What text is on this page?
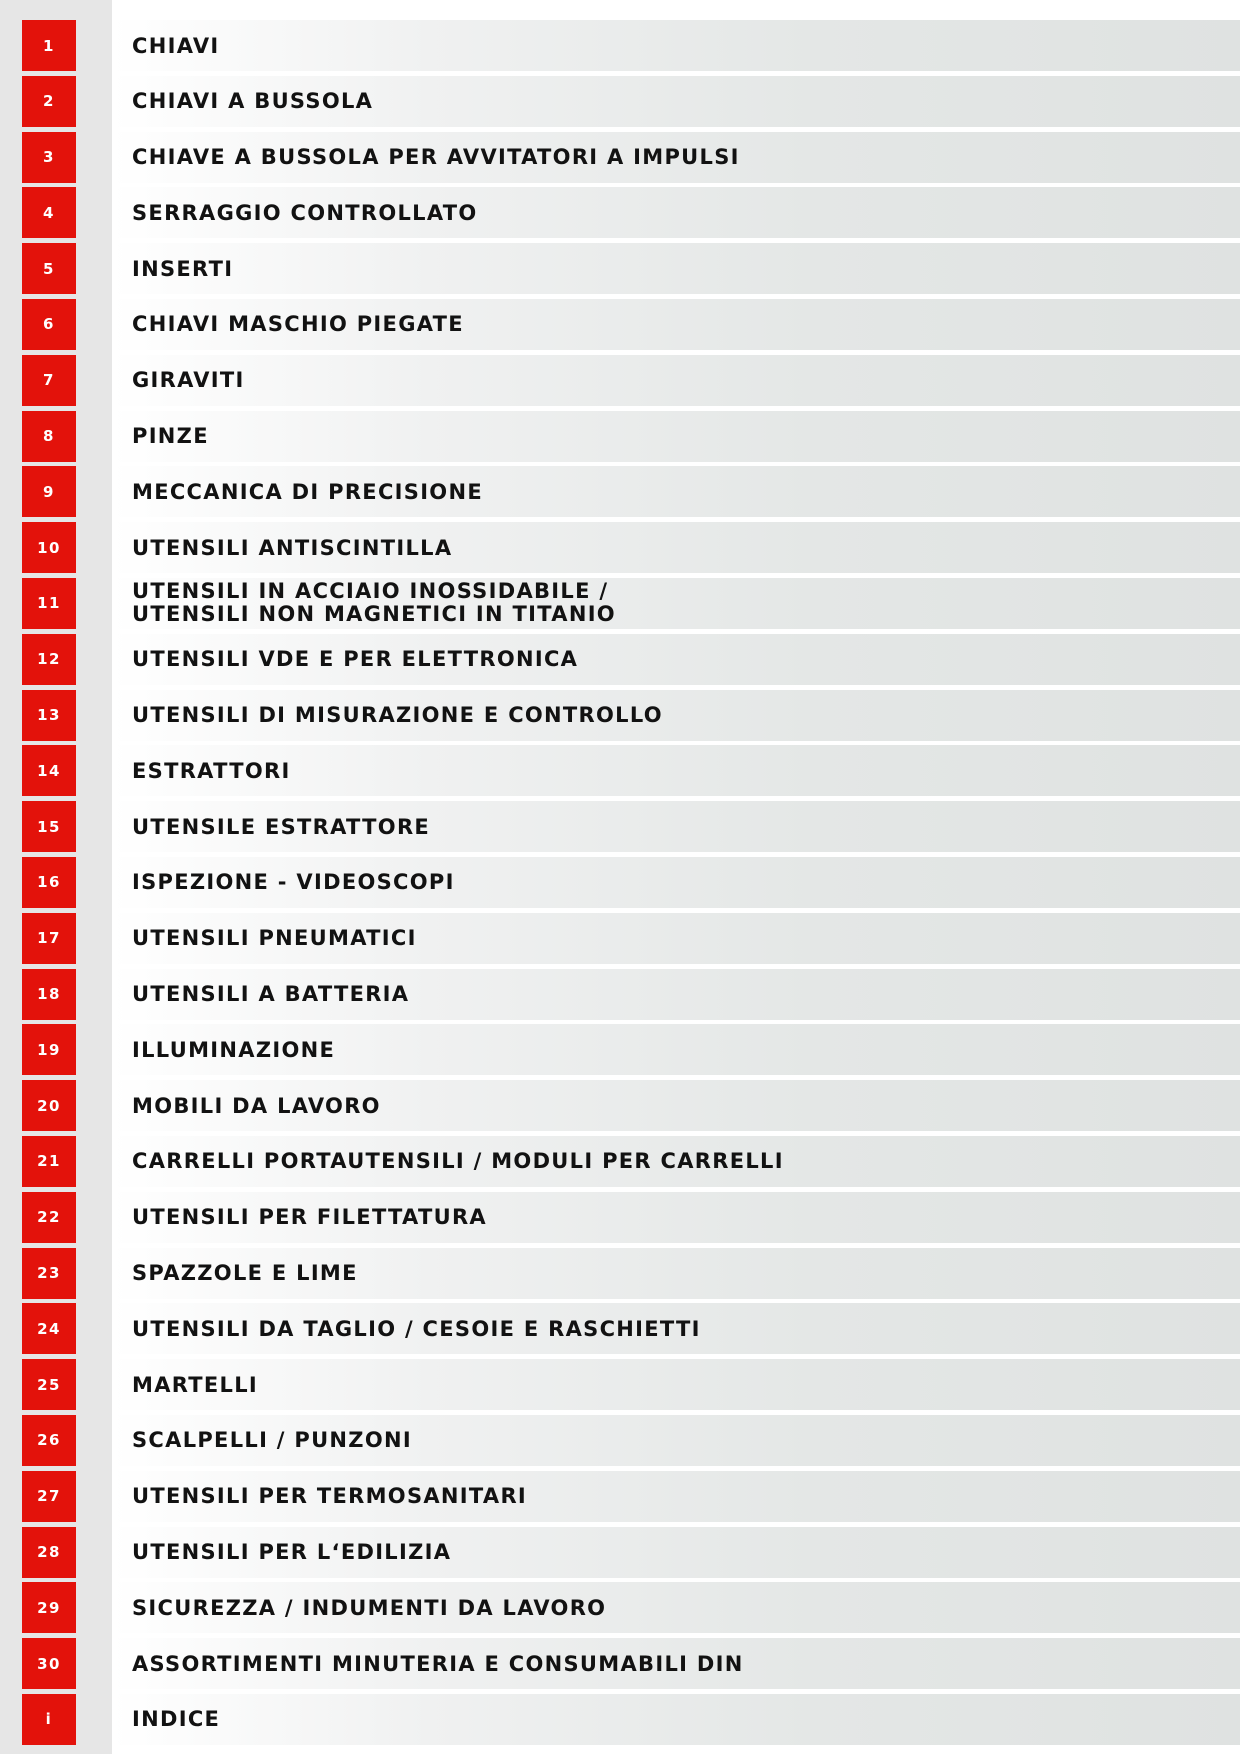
1	CHIAVI
2	CHIAVI A BUSSOLA
3	CHIAVE A BUSSOLA PER AVVITATORI A IMPULSI
4	SERRAGGIO CONTROLLATO
5	INSERTI
6	CHIAVI MASCHIO PIEGATE
7	GIRAVITI
8	PINZE
9	MECCANICA DI PRECISIONE
10	UTENSILI ANTISCINTILLA
11	UTENSILI IN ACCIAIO INOSSIDABILE /
UTENSILI NON MAGNETICI IN TITANIO
12	UTENSILI VDE E PER ELETTRONICA
13	UTENSILI DI MISURAZIONE E CONTROLLO
14	ESTRATTORI
15	UTENSILE ESTRATTORE
16	ISPEZIONE - VIDEOSCOPI
17	UTENSILI PNEUMATICI
18	UTENSILI A BATTERIA
19	ILLUMINAZIONE
20	MOBILI DA LAVORO
21	CARRELLI PORTAUTENSILI / MODULI PER CARRELLI
22	UTENSILI PER FILETTATURA
23	SPAZZOLE E LIME
24	UTENSILI DA TAGLIO / CESOIE E RASCHIETTI
25	MARTELLI
26	SCALPELLI / PUNZONI
27	UTENSILI PER TERMOSANITARI
28	UTENSILI PER L‘EDILIZIA
29	SICUREZZA / INDUMENTI DA LAVORO
30	ASSORTIMENTI MINUTERIA E CONSUMABILI DIN
i	INDICE
